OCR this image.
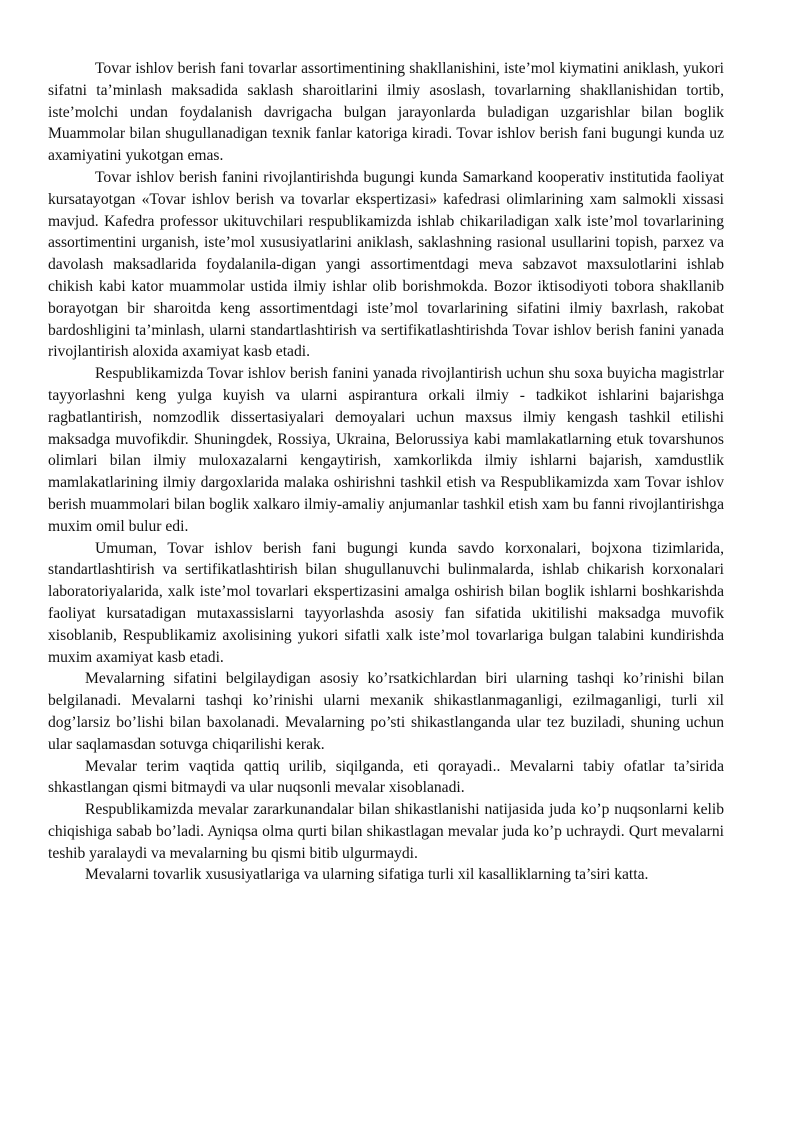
Tovar ishlov berish fani tovarlar assortimentining shakllanishini, iste’mol kiymatini aniklash, yukori sifatni ta’minlash maksadida saklash sharoitlarini ilmiy asoslash, tovarlarning shakllanishidan tortib, iste’molchi undan foydalanish davrigacha bulgan jarayonlarda buladigan uzgarishlar bilan boglik Muammolar bilan shugullanadigan texnik fanlar katoriga kiradi. Tovar ishlov berish fani bugungi kunda uz axamiyatini yukotgan emas.

Tovar ishlov berish fanini rivojlantirishda bugungi kunda Samarkand kooperativ institutida faoliyat kursatayotgan «Tovar ishlov berish va tovarlar ekspertizasi» kafedrasi olimlarining xam salmokli xissasi mavjud. Kafedra professor ukituvchilari respublikamizda ishlab chikariladigan xalk iste’mol tovarlarining assortimentini urganish, iste’mol xususiyatlarini aniklash, saklashning rasional usullarini topish, parxez va davolash maksadlarida foydalanila-digan yangi assortimentdagi meva sabzavot maxsulotlarini ishlab chikish kabi kator muammolar ustida ilmiy ishlar olib borishmokda. Bozor iktisodiyoti tobora shakllanib borayotgan bir sharoitda keng assortimentdagi iste’mol tovarlarining sifatini ilmiy baxrlash, rakobat bardoshligini ta’minlash, ularni standartlashtirish va sertifikatlashtirishda Tovar ishlov berish fanini yanada rivojlantirish aloxida axamiyat kasb etadi.

Respublikamizda Tovar ishlov berish fanini yanada rivojlantirish uchun shu soxa buyicha magistrlar tayyorlashni keng yulga kuyish va ularni aspirantura orkali ilmiy - tadkikot ishlarini bajarishga ragbatlantirish, nomzodlik dissertasiyalari demoyalari uchun maxsus ilmiy kengash tashkil etilishi maksadga muvofikdir. Shuningdek, Rossiya, Ukraina, Belorussiya kabi mamlakatlarning etuk tovarshunos olimlari bilan ilmiy muloxazalarni kengaytirish, xamkorlikda ilmiy ishlarni bajarish, xamdustlik mamlakatlarining ilmiy dargoxlarida malaka oshirishni tashkil etish va Respublikamizda xam Tovar ishlov berish muammolari bilan boglik xalkaro ilmiy-amaliy anjumanlar tashkil etish xam bu fanni rivojlantirishga muxim omil bulur edi.

Umuman, Tovar ishlov berish fani bugungi kunda savdo korxonalari, bojxona tizimlarida, standartlashtirish va sertifikatlashtirish bilan shugullanuvchi bulinmalarda, ishlab chikarish korxonalari laboratoriyalarida, xalk iste’mol tovarlari ekspertizasini amalga oshirish bilan boglik ishlarni boshkarishda faoliyat kursatadigan mutaxassislarni tayyorlashda asosiy fan sifatida ukitilishi maksadga muvofik xisoblanib, Respublikamiz axolisining yukori sifatli xalk iste’mol tovarlariga bulgan talabini kundirishda muxim axamiyat kasb etadi.

Mevalarning sifatini belgilaydigan asosiy ko’rsatkichlardan biri ularning tashqi ko’rinishi bilan belgilanadi. Mevalarni tashqi ko’rinishi ularni mexanik shikastlanmaganligi, ezilmaganligi, turli xil dog’larsiz bo’lishi bilan baxolanadi. Mevalarning po’sti shikastlanganda ular tez buziladi, shuning uchun ular saqlamasdan sotuvga chiqarilishi kerak.

Mevalar terim vaqtida qattiq urilib, siqilganda, eti qorayadi.. Mevalarni tabiy ofatlar ta’sirida shkastlangan qismi bitmaydi va ular nuqsonli mevalar xisoblanadi.

Respublikamizda mevalar zararkunandalar bilan shikastlanishi natijasida juda ko’p nuqsonlarni kelib chiqishiga sabab bo’ladi. Ayniqsa olma qurti bilan shikastlagan mevalar juda ko’p uchraydi. Qurt mevalarni teshib yaralaydi va mevalarning bu qismi bitib ulgurmaydi.

Mevalarni tovarlik xususiyatlariga va ularning sifatiga turli xil kasalliklarning ta’siri katta.
